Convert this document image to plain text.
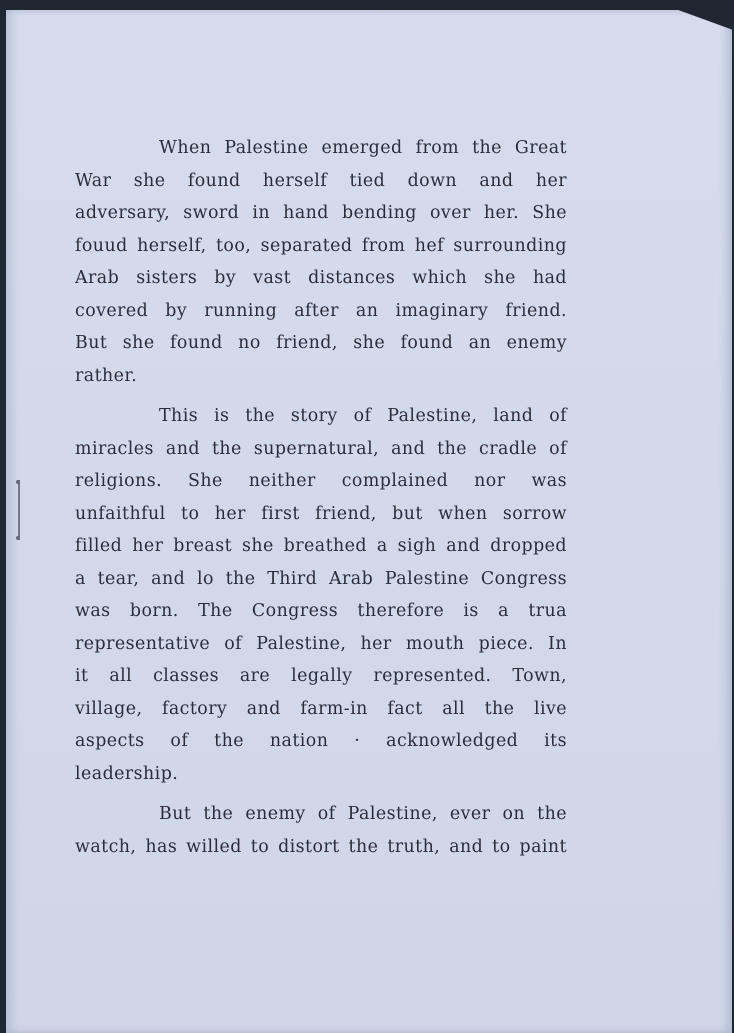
When Palestine emerged from the Great
War she found herself tied down and her
adversary, sword in hand bending over her. She
fouud herself, too, separated from hef surrounding
Arab sisters by vast distances which she had
covered by running after an imaginary friend.
But she found no friend, she found an enemy
rather.
This is the story of Palestine, land of
miracles and the supernatural, and the cradle of
religions. She neither complained nor was
unfaithful to her first friend, but when sorrow
filled her breast she breathed a sigh and dropped
a tear, and lo the Third Arab Palestine Congress
was born. The Congress therefore is a trua
representative of Palestine, her mouth piece. In
it all classes are legally represented. Town,
village, factory and farm-in fact all the live
aspects of the nation · acknowledged its
leadership.
But the enemy of Palestine, ever on the
watch, has willed to distort the truth, and to paint
